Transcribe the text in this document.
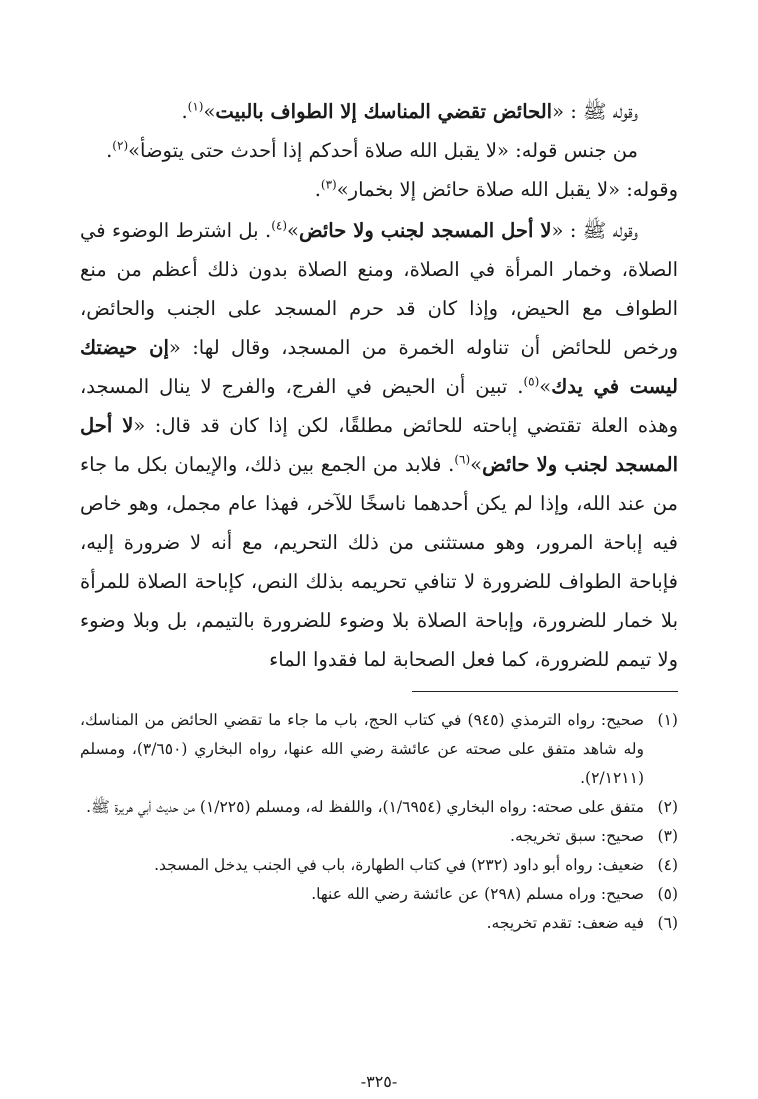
وقوله ﷺ : «الحائض تقضي المناسك إلا الطواف بالبيت»$^{(١)}$.

من جنس قوله: «لا يقبل الله صلاة أحدكم إذا أحدث حتى يتوضأ»$^{(٢)}$.

وقوله: «لا يقبل الله صلاة حائض إلا بخمار»$^{(٣)}$.

وقوله ﷺ : «لا أحل المسجد لجنب ولا حائض»$^{(٤)}$. بل اشترط الوضوء في الصلاة، وخمار المرأة في الصلاة، ومنع الصلاة بدون ذلك أعظم من منع الطواف مع الحيض، وإذا كان قد حرم المسجد على الجنب والحائض، ورخص للحائض أن تناوله الخمرة من المسجد، وقال لها: «إن حيضتك ليست في يدك»$^{(٥)}$. تبين أن الحيض في الفرج، والفرج لا ينال المسجد، وهذه العلة تقتضي إباحته للحائض مطلقًا، لكن إذا كان قد قال: «لا أحل المسجد لجنب ولا حائض»$^{(٦)}$. فلابد من الجمع بين ذلك، والإيمان بكل ما جاء من عند الله، وإذا لم يكن أحدهما ناسخًا للآخر، فهذا عام مجمل، وهو خاص فيه إباحة المرور، وهو مستثنى من ذلك التحريم، مع أنه لا ضرورة إليه، فإباحة الطواف للضرورة لا تنافي تحريمه بذلك النص، كإباحة الصلاة للمرأة بلا خمار للضرورة، وإباحة الصلاة بلا وضوء للضرورة بالتيمم، بل وبلا وضوء ولا تيمم للضرورة، كما فعل الصحابة لما فقدوا الماء

(١)صحيح: رواه الترمذي (٩٤٥) في كتاب الحج، باب ما جاء ما تقضي الحائض من المناسك، وله شاهد متفق على صحته عن عائشة رضي الله عنها، رواه البخاري (٣/٦٥٠)، ومسلم (٢/١٢١١).

(٢)متفق على صحته: رواه البخاري (١/٦٩٥٤)، واللفظ له، ومسلم (١/٢٢٥) من حديث أبي هريرة ﷺ.

(٣)صحيح: سبق تخريجه.

(٤)ضعيف: رواه أبو داود (٢٣٢) في كتاب الطهارة، باب في الجنب يدخل المسجد.

(٥)صحيح: وراه مسلم (٢٩٨) عن عائشة رضي الله عنها.

(٦)فيه ضعف: تقدم تخريجه.

-٣٢٥-
